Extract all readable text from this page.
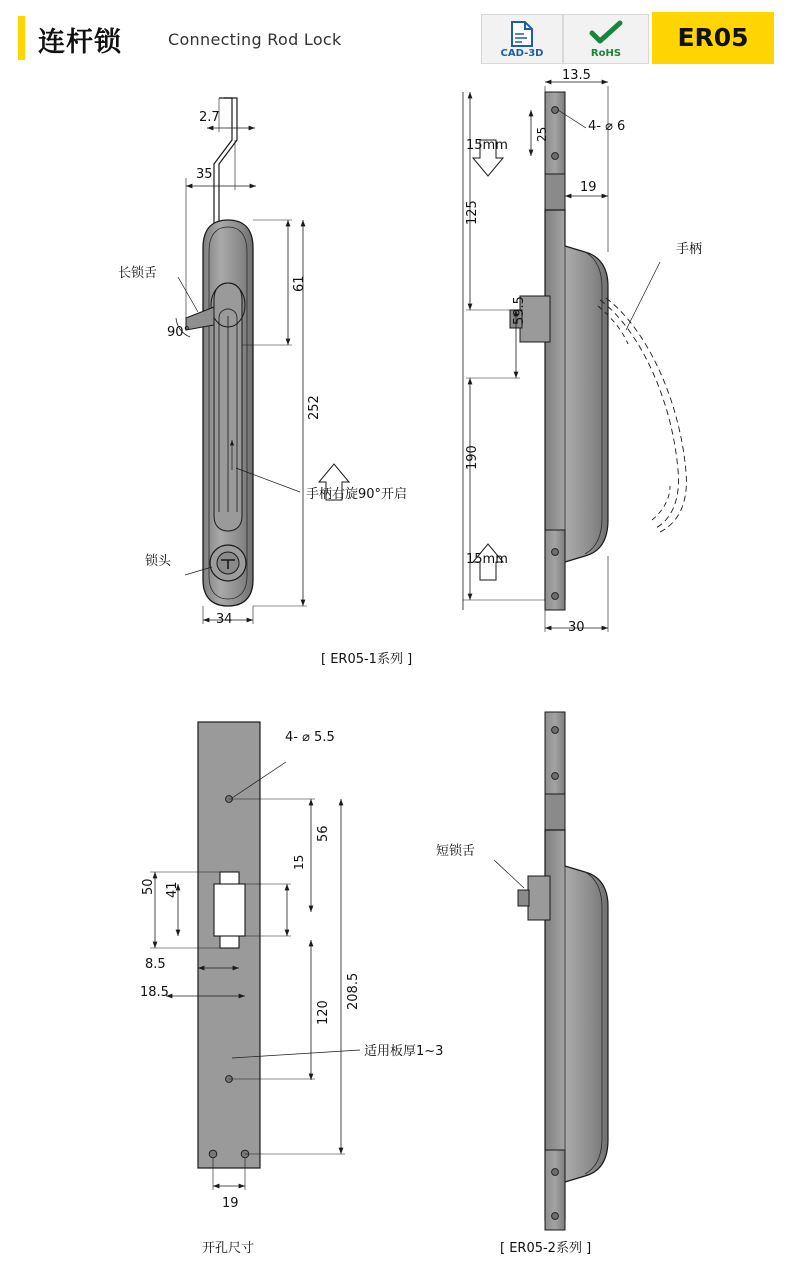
连杆锁	Connecting Rod Lock
CAD-3D	RoHS
ER05
2.7
35
61
252
34
长锁舌
90°
手柄右旋90°开启
锁头
[ ER05-1系列 ]
13.5
25
4- ⌀ 6
19
125
59.5
190
30
15mm
15mm
手柄
4- ⌀ 5.5
56
15
50 41
8.5
18.5
120
208.5
19
适用板厚1~3
开孔尺寸
短锁舌
[ ER05-2系列 ]
